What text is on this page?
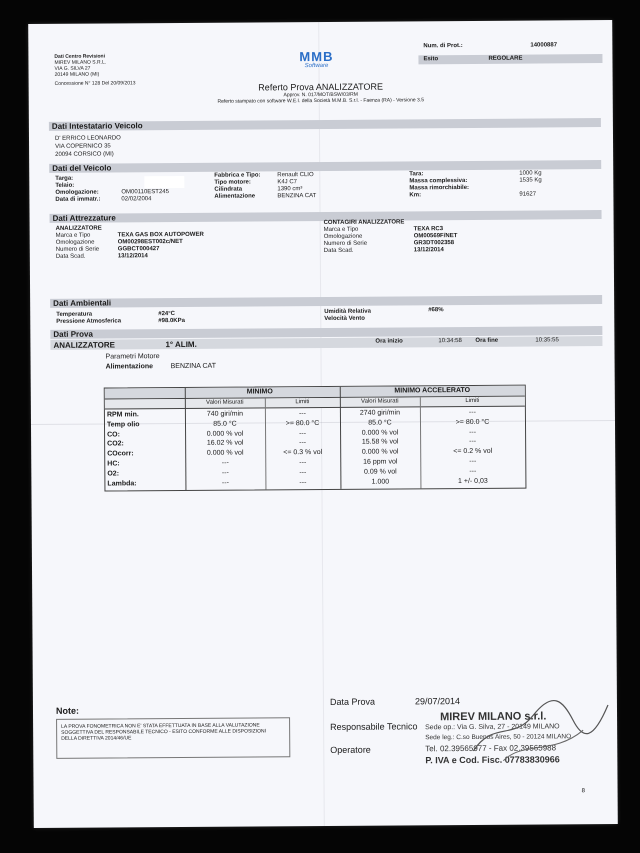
Dati Centro Revisioni
MIREV MILANO S.R.L.
VIA G. SILVA 27
20149 MILANO (MI)
Concessione N° 128 Del 20/09/2013
MMB
Software
Num. di Prot.:	14000887
Esito	REGOLARE
Referto Prova ANALIZZATORE
Approv. N. 017/MOT/BSW/03/RM
Referto stampato con software W.E.I. della Società M.M.B. S.r.l. - Faenza (RA) - Versione 3.5
Dati Intestatario Veicolo
D' ERRICO LEONARDO
VIA COPERNICO 35
20094 CORSICO (MI)
Dati del Veicolo
Targa:
Telaio:
Omologazione:	OM00110EST245
Data di immatr.:	02/02/2004
Fabbrica e Tipo:	Renault CLIO
Tipo motore:	K4J C7
Cilindrata	1390 cm³
Alimentazione	BENZINA CAT
Tara:	1000 Kg
Massa complessiva:	1535 Kg
Massa rimorchiabile:
Km:	91627
Dati Attrezzature
ANALIZZATORE
Marca e Tipo	TEXA GAS BOX AUTOPOWER
Omologazione	OM00298EST002c/NET
Numero di Serie	GGBCT000427
Data Scad.	13/12/2014
CONTAGIRI ANALIZZATORE
Marca e Tipo	TEXA RC3
Omologazione	OM00569F/NET
Numero di Serie	GR3DT002358
Data Scad.	13/12/2014
Dati Ambientali
Temperatura	#24°C
Pressione Atmosferica	#98.0KPa
Umidità Relativa	#68%
Velocità Vento
Dati Prova
ANALIZZATORE	1° ALIM.	Ora inizio	10:34:58 Ora fine	10:35:55
Parametri Motore
Alimentazione BENZINA CAT
MINIMO	MINIMO ACCELERATO
Valori Misurati	Limiti	Valori Misurati	Limiti
RPM min.	740 giri/min	---	2740 giri/min	---
Temp olio	85.0 °C	>= 80.0 °C	85.0 °C	>= 80.0 °C
CO:	0.000 % vol	---	0.000 % vol	---
CO2:	16.02 % vol	---	15.58 % vol	---
COcorr:	0.000 % vol	<= 0.3 % vol	0.000 % vol	<= 0.2 % vol
HC:	---	---	16 ppm vol	---
O2:	---	---	0.09 % vol	---
Lambda:	---	---	1.000	1 +/- 0,03
Note:
LA PROVA FONOMETRICA NON E' STATA EFFETTUATA IN BASE ALLA VALUTAZIONE
SOGGETTIVA DEL RESPONSABILE TECNICO - ESITO CONFORME ALLE DISPOSIZIONI
DELLA DIRETTIVA 2014/46/UE
Data Prova	29/07/2014
Responsabile Tecnico
Operatore
MIREV MILANO s.r.l.
Sede op.: Via G. Silva, 27 - 20149 MILANO
Sede leg.: C.so Buenos Aires, 50 - 20124 MILANO
Tel. 02.39565977 - Fax 02.39565988
P. IVA e Cod. Fisc. 07783830966
8
